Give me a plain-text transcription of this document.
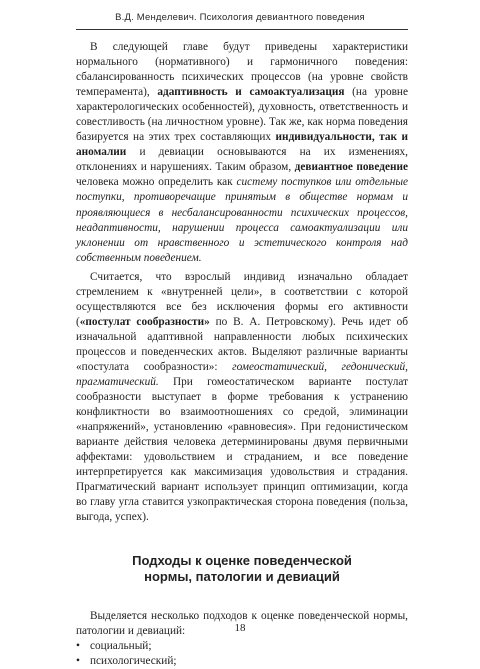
В.Д. Менделевич. Психология девиантного поведения

В следующей главе будут приведены характеристики нормального (нормативного) и гармоничного поведения: сбалансированность психических процессов (на уровне свойств темперамента), адаптивность и самоактуализация (на уровне характерологических особенностей), духовность, ответственность и совестливость (на личностном уровне). Так же, как норма поведения базируется на этих трех составляющих индивидуальности, так и аномалии и девиации основываются на их изменениях, отклонениях и нарушениях. Таким образом, девиантное поведение человека можно определить как систему поступков или отдельные поступки, противоречащие принятым в обществе нормам и проявляющиеся в несбалансированности психических процессов, неадаптивности, нарушении процесса самоактуализации или уклонении от нравственного и эстетического контроля над собственным поведением.

Считается, что взрослый индивид изначально обладает стремлением к «внутренней цели», в соответствии с которой осуществляются все без исключения формы его активности («постулат сообразности» по В. А. Петровскому). Речь идет об изначальной адаптивной направленности любых психических процессов и поведенческих актов. Выделяют различные варианты «постулата сообразности»: гомеостатический, гедонический, прагматический. При гомеостатическом варианте постулат сообразности выступает в форме требования к устранению конфликтности во взаимоотношениях со средой, элиминации «напряжений», установлению «равновесия». При гедонистическом варианте действия человека детерминированы двумя первичными аффектами: удовольствием и страданием, и все поведение интерпретируется как максимизация удовольствия и страдания. Прагматический вариант использует принцип оптимизации, когда во главу угла ставится узкопрактическая сторона поведения (польза, выгода, успех).

Подходы к оценке поведенческой
нормы, патологии и девиаций

Выделяется несколько подходов к оценке поведенческой нормы, патологии и девиаций:

• социальный;
• психологический;
18
